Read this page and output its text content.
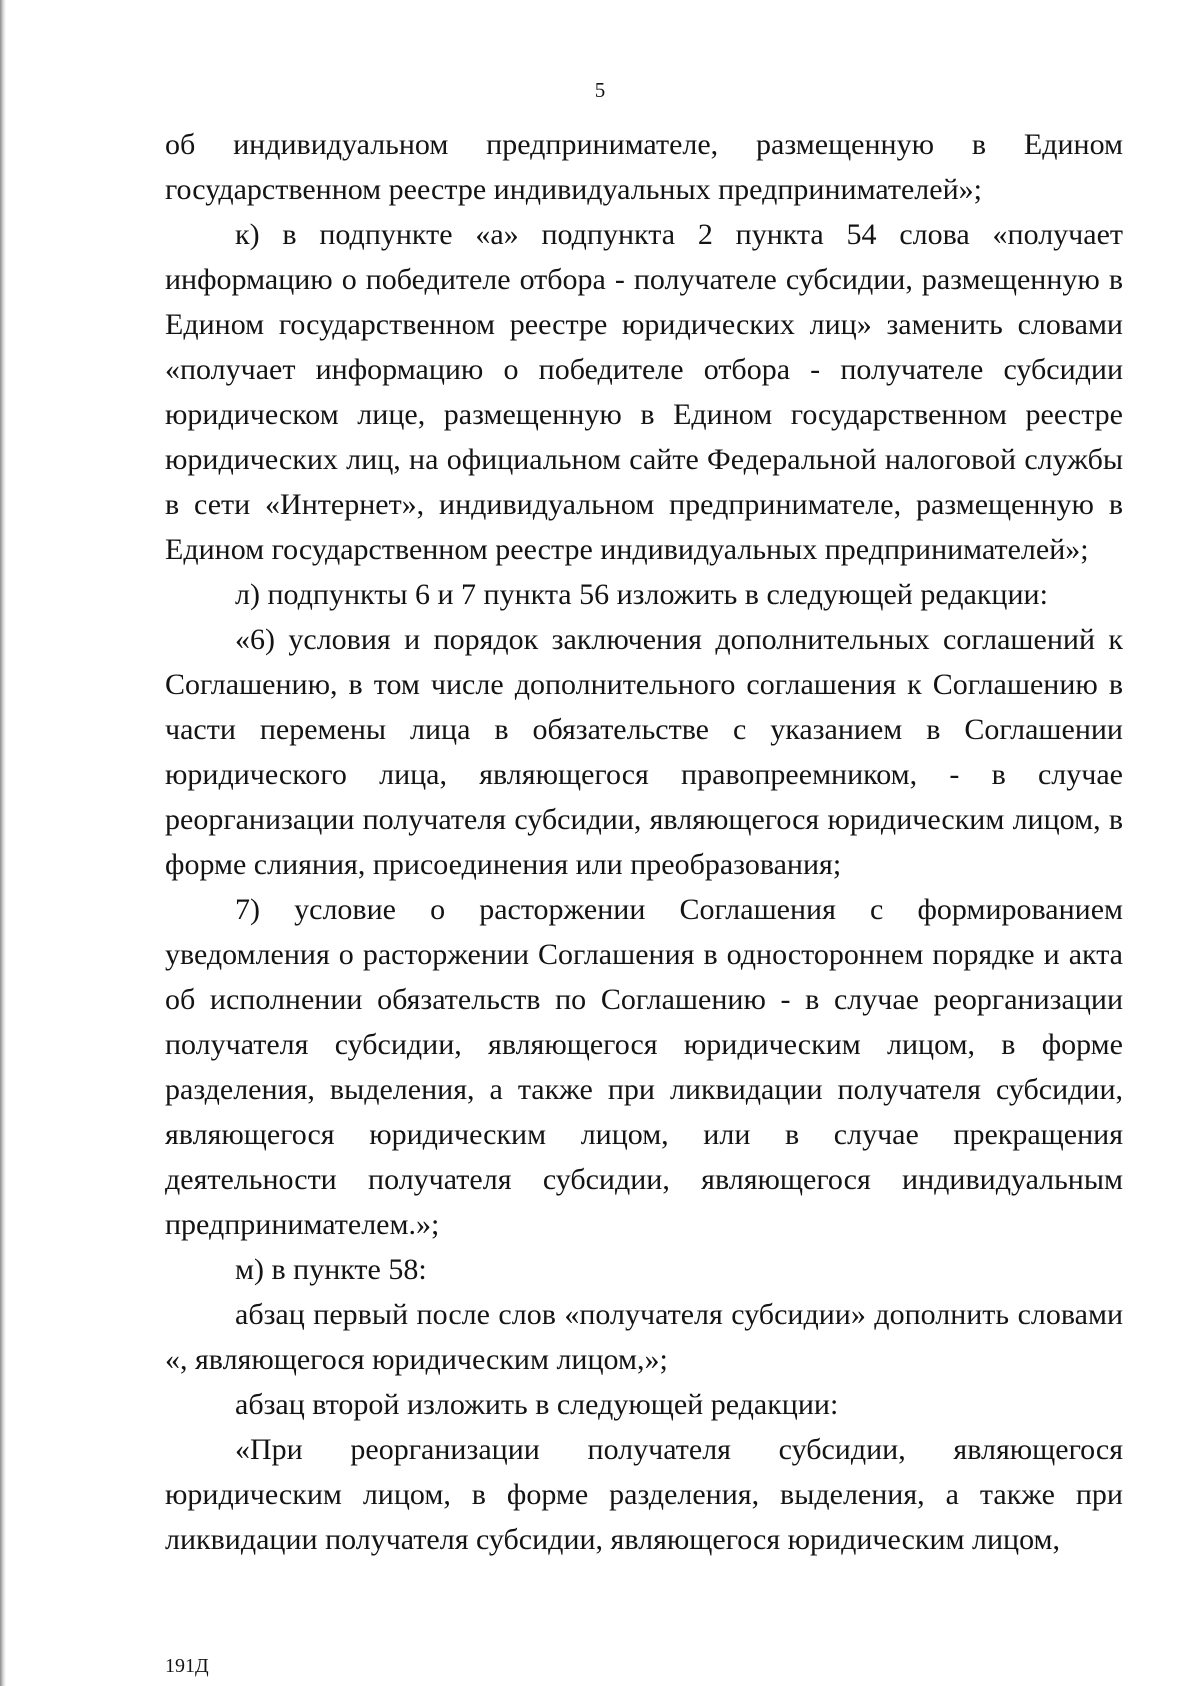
5

об индивидуальном предпринимателе, размещенную в Едином государственном реестре индивидуальных предпринимателей»;

к) в подпункте «а» подпункта 2 пункта 54 слова «получает информацию о победителе отбора - получателе субсидии, размещенную в Едином государственном реестре юридических лиц» заменить словами «получает информацию о победителе отбора - получателе субсидии юридическом лице, размещенную в Едином государственном реестре юридических лиц, на официальном сайте Федеральной налоговой службы в сети «Интернет», индивидуальном предпринимателе, размещенную в Едином государственном реестре индивидуальных предпринимателей»;

л) подпункты 6 и 7 пункта 56 изложить в следующей редакции:

«6) условия и порядок заключения дополнительных соглашений к Соглашению, в том числе дополнительного соглашения к Соглашению в части перемены лица в обязательстве с указанием в Соглашении юридического лица, являющегося правопреемником, - в случае реорганизации получателя субсидии, являющегося юридическим лицом, в форме слияния, присоединения или преобразования;

7) условие о расторжении Соглашения с формированием уведомления о расторжении Соглашения в одностороннем порядке и акта об исполнении обязательств по Соглашению - в случае реорганизации получателя субсидии, являющегося юридическим лицом, в форме разделения, выделения, а также при ликвидации получателя субсидии, являющегося юридическим лицом, или в случае прекращения деятельности получателя субсидии, являющегося индивидуальным предпринимателем.»;

м) в пункте 58:

абзац первый после слов «получателя субсидии» дополнить словами «, являющегося юридическим лицом,»;

абзац второй изложить в следующей редакции:

«При реорганизации получателя субсидии, являющегося юридическим лицом, в форме разделения, выделения, а также при ликвидации получателя субсидии, являющегося юридическим лицом,

191Д
